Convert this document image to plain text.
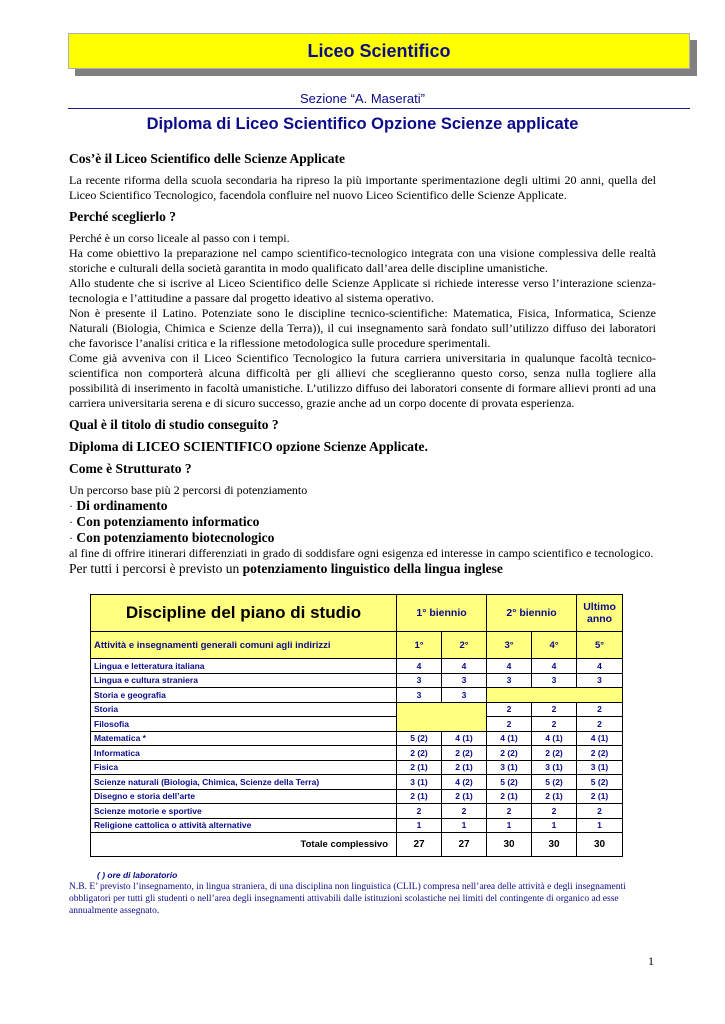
Liceo Scientifico
Sezione “A. Maserati”
Diploma di Liceo Scientifico Opzione Scienze applicate

Cos’è il Liceo Scientifico delle Scienze Applicate

La recente riforma della scuola secondaria ha ripreso la più importante sperimentazione degli ultimi 20 anni, quella del Liceo Scientifico Tecnologico, facendola confluire nel nuovo Liceo Scientifico delle Scienze Applicate.

Perché sceglierlo ?

Perché è un corso liceale al passo con i tempi.

Ha come obiettivo la preparazione nel campo scientifico-tecnologico integrata con una visione complessiva delle realtà storiche e culturali della società garantita in modo qualificato dall’area delle discipline umanistiche.

Allo studente che si iscrive al Liceo Scientifico delle Scienze Applicate si richiede interesse verso l’interazione scienza-tecnologia e l’attitudine a passare dal progetto ideativo al sistema operativo.

Non è presente il Latino. Potenziate sono le discipline tecnico-scientifiche: Matematica, Fisica, Informatica, Scienze Naturali (Biologia, Chimica e Scienze della Terra)), il cui insegnamento sarà fondato sull’utilizzo diffuso dei laboratori che favorisce l’analisi critica e la riflessione metodologica sulle procedure sperimentali.

Come già avveniva con il Liceo Scientifico Tecnologico la futura carriera universitaria in qualunque facoltà tecnico-scientifica non comporterà alcuna difficoltà per gli allievi che sceglieranno questo corso, senza nulla togliere alla possibilità di inserimento in facoltà umanistiche. L’utilizzo diffuso dei laboratori consente di formare allievi pronti ad una carriera universitaria serena e di sicuro successo, grazie anche ad un corpo docente di provata esperienza.

Qual è il titolo di studio conseguito ?

Diploma di LICEO SCIENTIFICO opzione Scienze Applicate.

Come è Strutturato ?

Un percorso base più 2 percorsi di potenziamento

· Di ordinamento

· Con potenziamento informatico

· Con potenziamento biotecnologico

al fine di offrire itinerari differenziati in grado di soddisfare ogni esigenza ed interesse in campo scientifico e tecnologico.

Per tutti i percorsi è previsto un potenziamento linguistico della lingua inglese

Discipline del piano di studio	1° biennio		2° biennio		Ultimo anno
Attività e insegnamenti generali comuni agli indirizzi	1°	2°	3°	4°	5°
Lingua e letteratura italiana	4	4	4	4	4
Lingua e cultura straniera	3	3	3	3	3
Storia e geografia	3	3			
Storia			2	2	2
Filosofia			2	2	2
Matematica *	5 (2)	4 (1)	4 (1)	4 (1)	4 (1)
Informatica	2 (2)	2 (2)	2 (2)	2 (2)	2 (2)
Fisica	2 (1)	2 (1)	3 (1)	3 (1)	3 (1)
Scienze naturali (Biologia, Chimica, Scienze della Terra)	3 (1)	4 (2)	5 (2)	5 (2)	5 (2)
Disegno e storia dell’arte	2 (1)	2 (1)	2 (1)	2 (1)	2 (1)
Scienze motorie e sportive	2	2	2	2	2
Religione cattolica o attività alternative	1	1	1	1	1
Totale complessivo	27	27	30	30	30
( ) ore di laboratorio
N.B. E’ previsto l’insegnamento, in lingua straniera, di una disciplina non linguistica (CLIL) compresa nell’area delle attività e degli insegnamenti obbligatori per tutti gli studenti o nell’area degli insegnamenti attivabili dalle istituzioni scolastiche nei limiti del contingente di organico ad esse annualmente assegnato.
1
